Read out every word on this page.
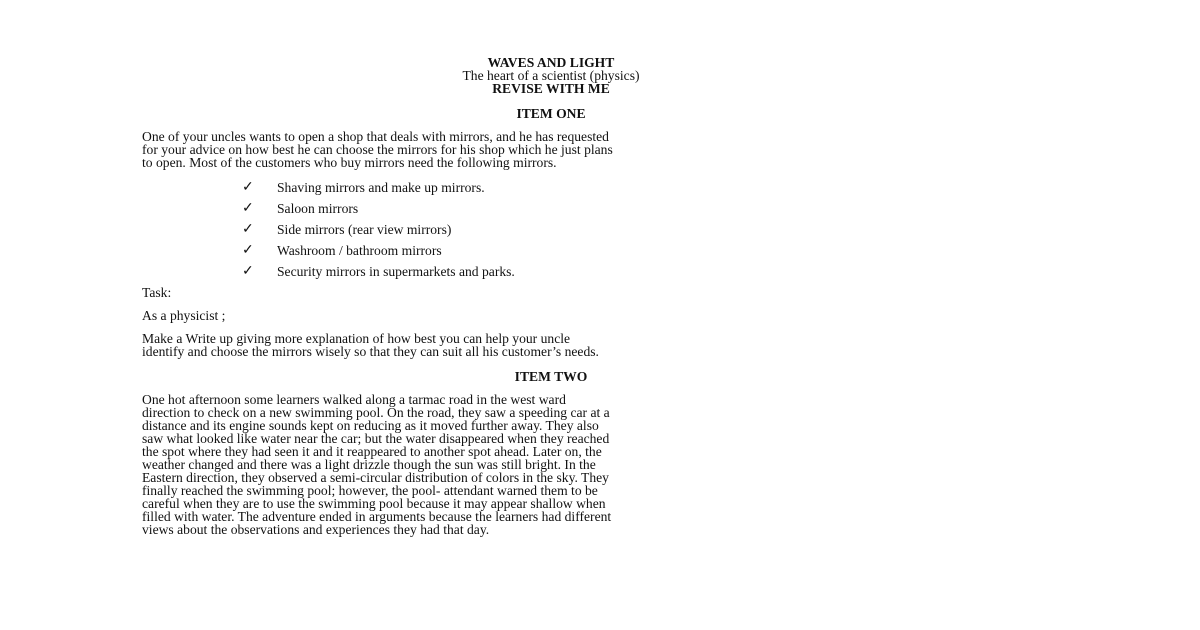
WAVES AND LIGHT
The heart of a scientist (physics)
REVISE WITH ME
ITEM ONE
One of your uncles wants to open a shop that deals with mirrors, and he has requested
for your advice on how best he can choose the mirrors for his shop which he just plans
to open. Most of the customers who buy mirrors need the following mirrors.
✓	Shaving mirrors and make up mirrors.
✓	Saloon mirrors
✓	Side mirrors (rear view mirrors)
✓	Washroom / bathroom mirrors
✓	Security mirrors in supermarkets and parks.
Task:
As a physicist ;
Make a Write up giving more explanation of how best you can help your uncle
identify and choose the mirrors wisely so that they can suit all his customer’s needs.
ITEM TWO
One hot afternoon some learners walked along a tarmac road in the west ward
direction to check on a new swimming pool. On the road, they saw a speeding car at a
distance and its engine sounds kept on reducing as it moved further away. They also
saw what looked like water near the car; but the water disappeared when they reached
the spot where they had seen it and it reappeared to another spot ahead. Later on, the
weather changed and there was a light drizzle though the sun was still bright. In the
Eastern direction, they observed a semi-circular distribution of colors in the sky. They
finally reached the swimming pool; however, the pool- attendant warned them to be
careful when they are to use the swimming pool because it may appear shallow when
filled with water. The adventure ended in arguments because the learners had different
views about the observations and experiences they had that day.
